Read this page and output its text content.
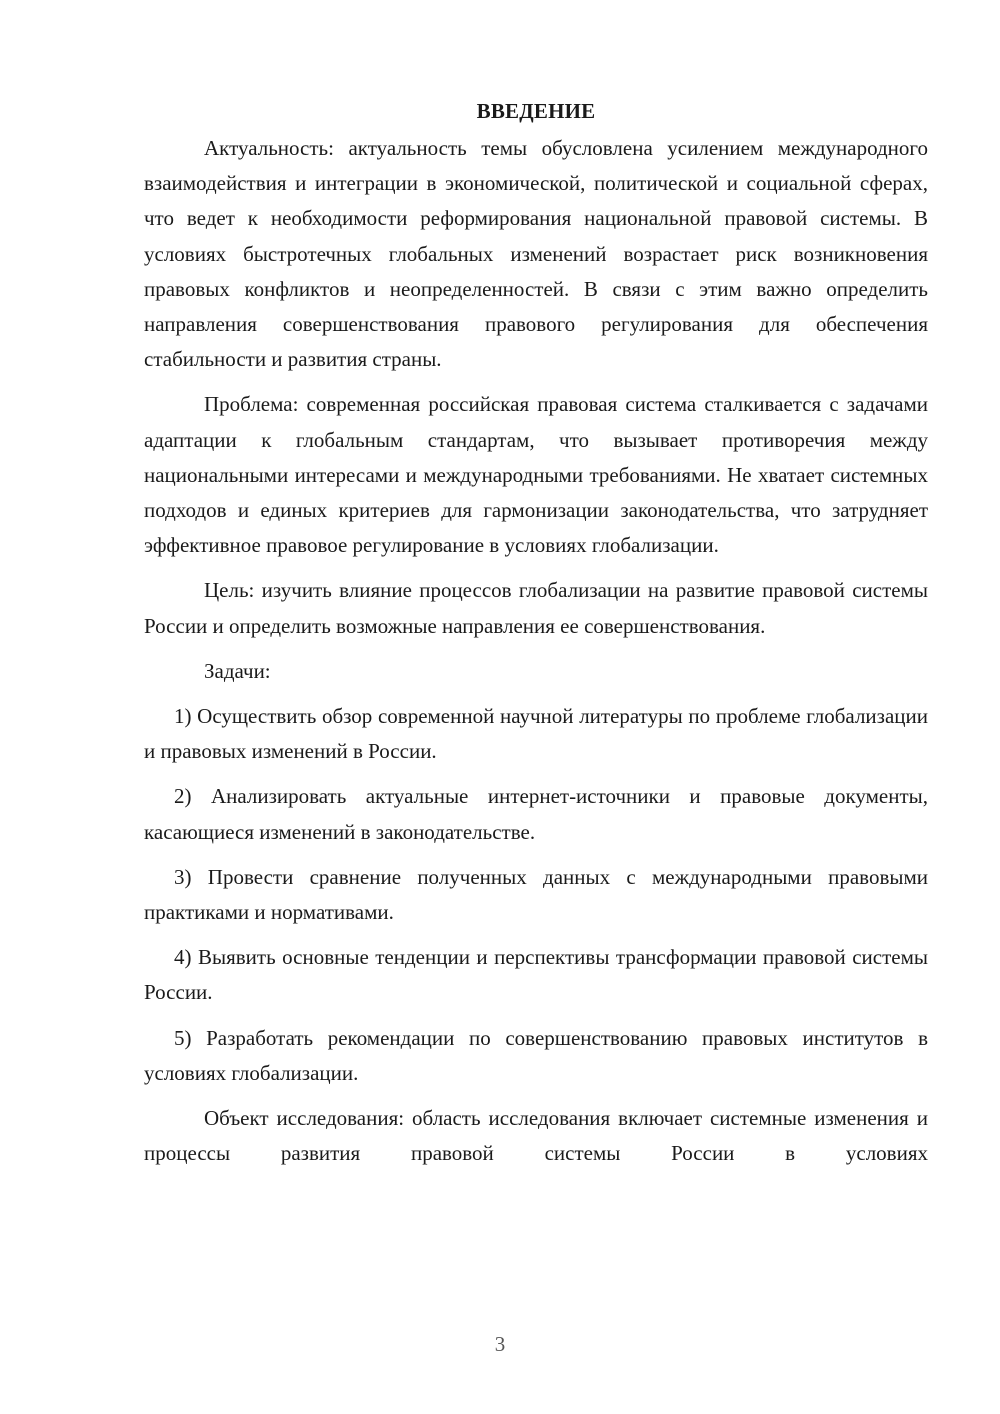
ВВЕДЕНИЕ

Актуальность: актуальность темы обусловлена усилением международного взаимодействия и интеграции в экономической, политической и социальной сферах, что ведет к необходимости реформирования национальной правовой системы. В условиях быстротечных глобальных изменений возрастает риск возникновения правовых конфликтов и неопределенностей. В связи с этим важно определить направления совершенствования правового регулирования для обеспечения стабильности и развития страны.

Проблема: современная российская правовая система сталкивается с задачами адаптации к глобальным стандартам, что вызывает противоречия между национальными интересами и международными требованиями. Не хватает системных подходов и единых критериев для гармонизации законодательства, что затрудняет эффективное правовое регулирование в условиях глобализации.

Цель: изучить влияние процессов глобализации на развитие правовой системы России и определить возможные направления ее совершенствования.

Задачи:

1) Осуществить обзор современной научной литературы по проблеме глобализации и правовых изменений в России.

2) Анализировать актуальные интернет-источники и правовые документы, касающиеся изменений в законодательстве.

3) Провести сравнение полученных данных с международными правовыми практиками и нормативами.

4) Выявить основные тенденции и перспективы трансформации правовой системы России.

5) Разработать рекомендации по совершенствованию правовых институтов в условиях глобализации.

Объект исследования: область исследования включает системные изменения и процессы развития правовой системы России в условиях

3
